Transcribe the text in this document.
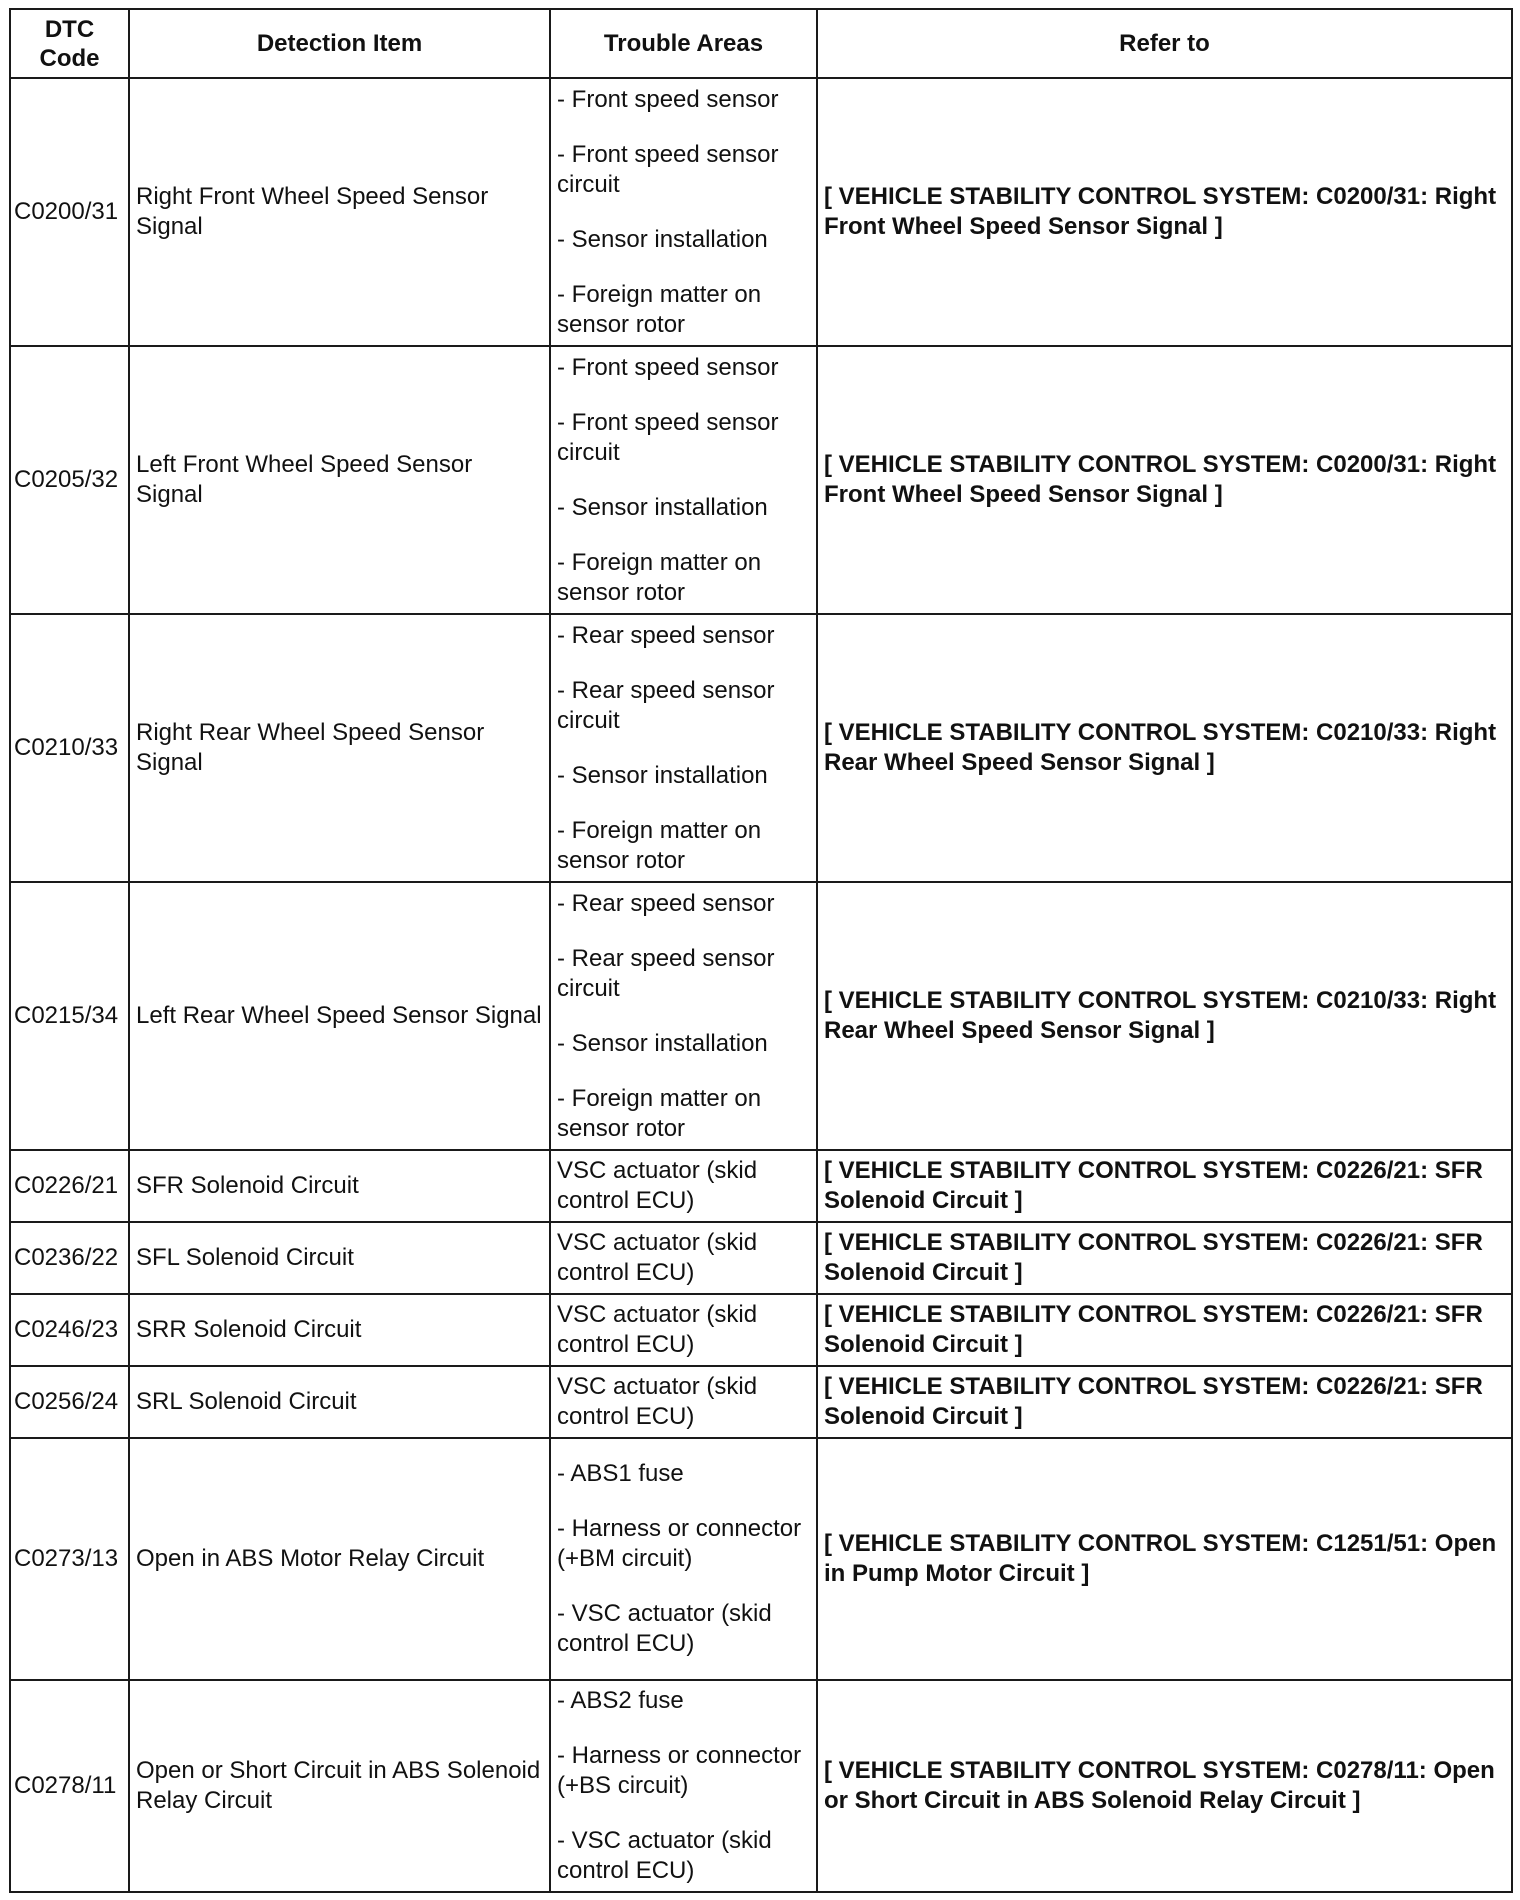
DTC
Code	Detection Item	Trouble Areas	Refer to
C0200/31	Right Front Wheel Speed Sensor Signal	- Front speed sensor
- Front speed sensor circuit
- Sensor installation
- Foreign matter on sensor rotor	[ VEHICLE STABILITY CONTROL SYSTEM: C0200/31: Right Front Wheel Speed Sensor Signal ]
C0205/32	Left Front Wheel Speed Sensor Signal	- Front speed sensor
- Front speed sensor circuit
- Sensor installation
- Foreign matter on sensor rotor	[ VEHICLE STABILITY CONTROL SYSTEM: C0200/31: Right Front Wheel Speed Sensor Signal ]
C0210/33	Right Rear Wheel Speed Sensor Signal	- Rear speed sensor
- Rear speed sensor circuit
- Sensor installation
- Foreign matter on sensor rotor	[ VEHICLE STABILITY CONTROL SYSTEM: C0210/33: Right Rear Wheel Speed Sensor Signal ]
C0215/34	Left Rear Wheel Speed Sensor Signal	- Rear speed sensor
- Rear speed sensor circuit
- Sensor installation
- Foreign matter on sensor rotor	[ VEHICLE STABILITY CONTROL SYSTEM: C0210/33: Right Rear Wheel Speed Sensor Signal ]
C0226/21	SFR Solenoid Circuit	VSC actuator (skid control ECU)	[ VEHICLE STABILITY CONTROL SYSTEM: C0226/21: SFR Solenoid Circuit ]
C0236/22	SFL Solenoid Circuit	VSC actuator (skid control ECU)	[ VEHICLE STABILITY CONTROL SYSTEM: C0226/21: SFR Solenoid Circuit ]
C0246/23	SRR Solenoid Circuit	VSC actuator (skid control ECU)	[ VEHICLE STABILITY CONTROL SYSTEM: C0226/21: SFR Solenoid Circuit ]
C0256/24	SRL Solenoid Circuit	VSC actuator (skid control ECU)	[ VEHICLE STABILITY CONTROL SYSTEM: C0226/21: SFR Solenoid Circuit ]
C0273/13	Open in ABS Motor Relay Circuit	- ABS1 fuse
- Harness or connector (+BM circuit)
- VSC actuator (skid control ECU)	[ VEHICLE STABILITY CONTROL SYSTEM: C1251/51: Open in Pump Motor Circuit ]
C0278/11	Open or Short Circuit in ABS Solenoid Relay Circuit	- ABS2 fuse
- Harness or connector (+BS circuit)
- VSC actuator (skid control ECU)	[ VEHICLE STABILITY CONTROL SYSTEM: C0278/11: Open or Short Circuit in ABS Solenoid Relay Circuit ]
